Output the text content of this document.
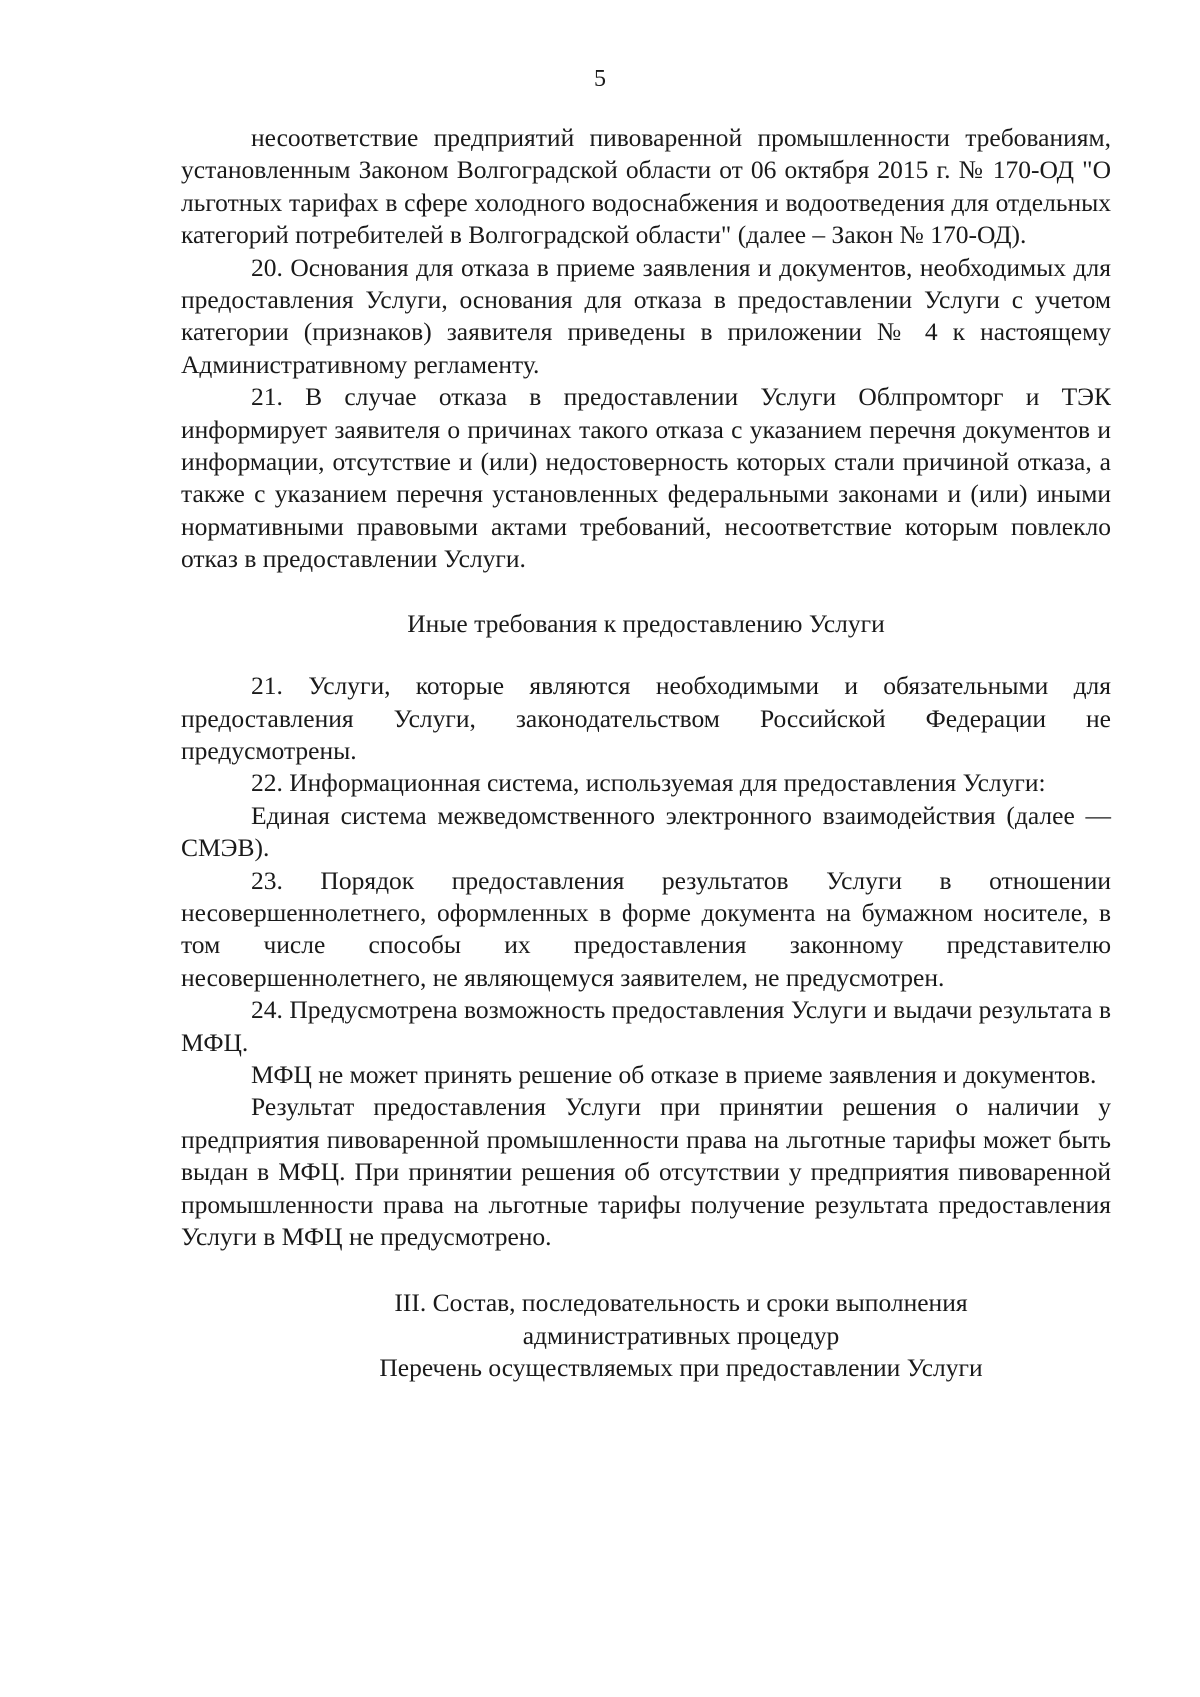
5

несоответствие предприятий пивоваренной промышленности требованиям, установленным Законом Волгоградской области от 06 октября 2015 г. № 170-ОД "О льготных тарифах в сфере холодного водоснабжения и водоотведения для отдельных категорий потребителей в Волгоградской области" (далее – Закон № 170-ОД).

20. Основания для отказа в приеме заявления и документов, необходимых для предоставления Услуги, основания для отказа в предоставлении Услуги с учетом категории (признаков) заявителя приведены в приложении № 4 к настоящему Административному регламенту.

21. В случае отказа в предоставлении Услуги Облпромторг и ТЭК информирует заявителя о причинах такого отказа с указанием перечня документов и информации, отсутствие и (или) недостоверность которых стали причиной отказа, а также с указанием перечня установленных федеральными законами и (или) иными нормативными правовыми актами требований, несоответствие которым повлекло отказ в предоставлении Услуги.

Иные требования к предоставлению Услуги

21. Услуги, которые являются необходимыми и обязательными для предоставления Услуги, законодательством Российской Федерации не предусмотрены.

22. Информационная система, используемая для предоставления Услуги:

Единая система межведомственного электронного взаимодействия (далее — СМЭВ).

23. Порядок предоставления результатов Услуги в отношении несовершеннолетнего, оформленных в форме документа на бумажном носителе, в том числе способы их предоставления законному представителю несовершеннолетнего, не являющемуся заявителем, не предусмотрен.

24. Предусмотрена возможность предоставления Услуги и выдачи результата в МФЦ.

МФЦ не может принять решение об отказе в приеме заявления и документов.

Результат предоставления Услуги при принятии решения о наличии у предприятия пивоваренной промышленности права на льготные тарифы может быть выдан в МФЦ. При принятии решения об отсутствии у предприятия пивоваренной промышленности права на льготные тарифы получение результата предоставления Услуги в МФЦ не предусмотрено.

III. Состав, последовательность и сроки выполнения

административных процедур

Перечень осуществляемых при предоставлении Услуги
